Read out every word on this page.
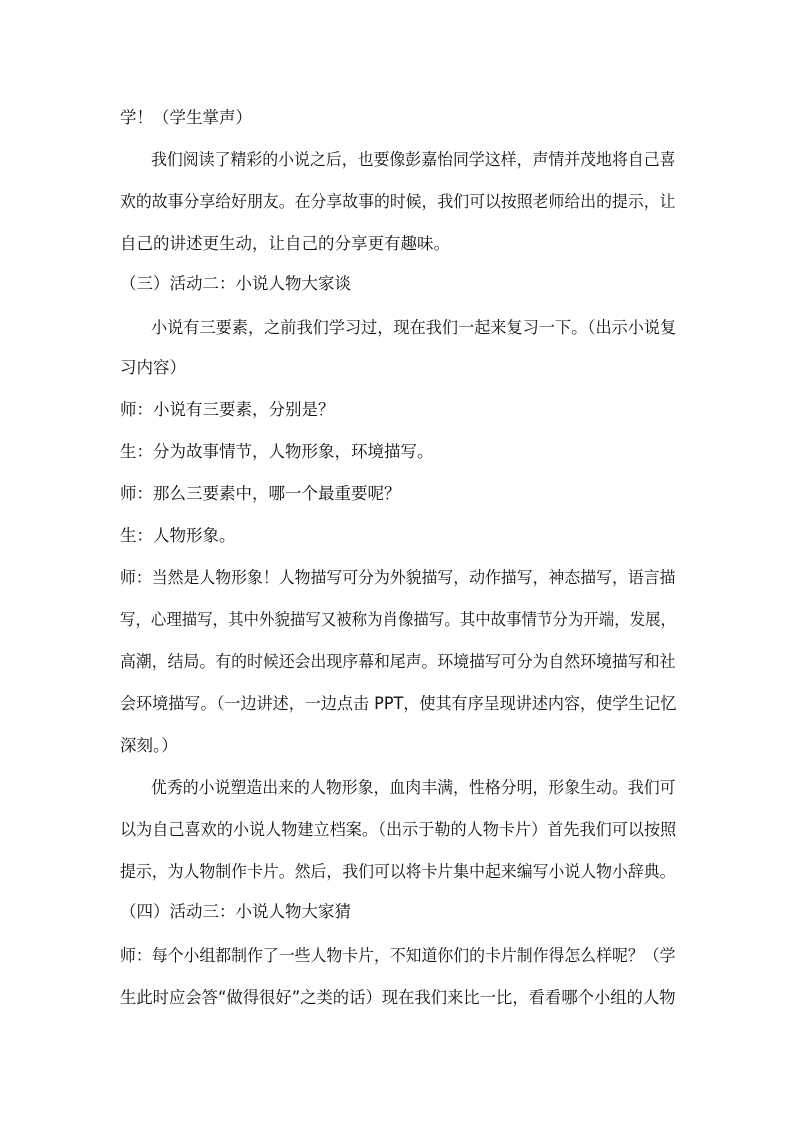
学！（学生掌声）
我们阅读了精彩的小说之后，也要像彭嘉怡同学这样，声情并茂地将自己喜
欢的故事分享给好朋友。在分享故事的时候，我们可以按照老师给出的提示，让
自己的讲述更生动，让自己的分享更有趣味。
（三）活动二：小说人物大家谈
小说有三要素，之前我们学习过，现在我们一起来复习一下。（出示小说复
习内容）
师：小说有三要素，分别是？
生：分为故事情节，人物形象，环境描写。
师：那么三要素中，哪一个最重要呢？
生：人物形象。
师：当然是人物形象！人物描写可分为外貌描写，动作描写，神态描写，语言描
写，心理描写，其中外貌描写又被称为肖像描写。其中故事情节分为开端，发展，
高潮，结局。有的时候还会出现序幕和尾声。环境描写可分为自然环境描写和社
会环境描写。（一边讲述，一边点击 PPT，使其有序呈现讲述内容，使学生记忆
深刻。）
优秀的小说塑造出来的人物形象，血肉丰满，性格分明，形象生动。我们可
以为自己喜欢的小说人物建立档案。（出示于勒的人物卡片）首先我们可以按照
提示，为人物制作卡片。然后，我们可以将卡片集中起来编写小说人物小辞典。
（四）活动三：小说人物大家猜
师：每个小组都制作了一些人物卡片，不知道你们的卡片制作得怎么样呢？（学
生此时应会答“做得很好”之类的话）现在我们来比一比，看看哪个小组的人物
